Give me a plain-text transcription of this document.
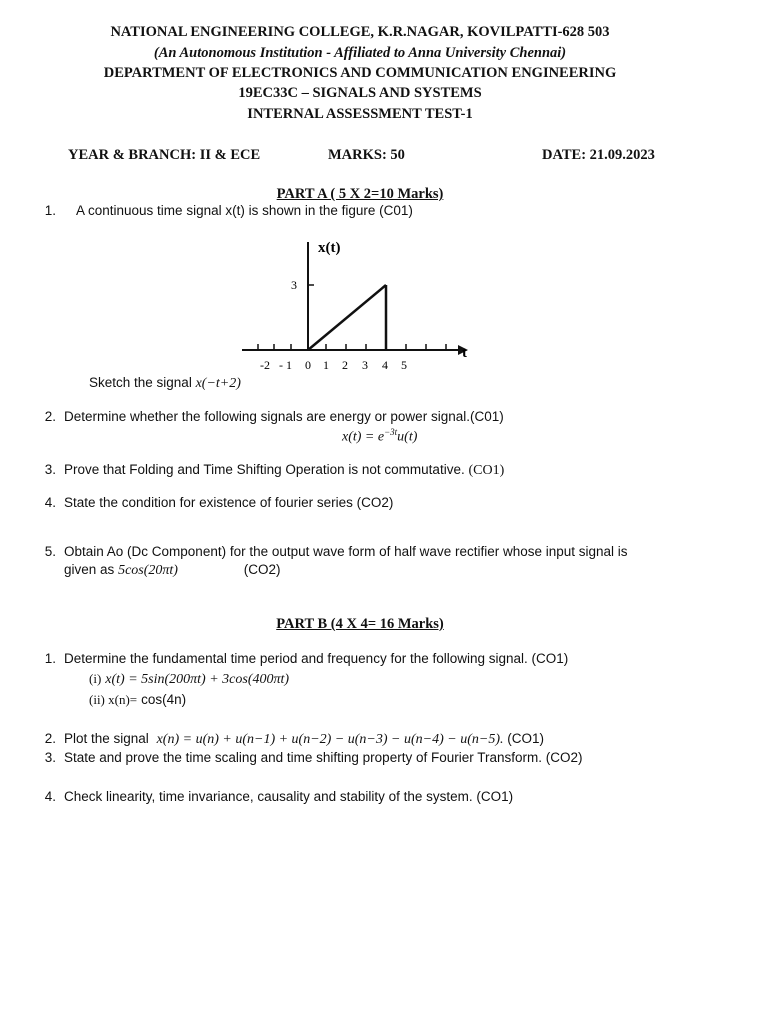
NATIONAL ENGINEERING COLLEGE, K.R.NAGAR, KOVILPATTI-628 503
(An Autonomous Institution - Affiliated to Anna University Chennai)
DEPARTMENT OF ELECTRONICS AND COMMUNICATION ENGINEERING
19EC33C – SIGNALS AND SYSTEMS
INTERNAL ASSESSMENT TEST-1
YEAR & BRANCH: II & ECE	MARKS: 50	DATE: 21.09.2023
PART A ( 5 X 2=10 Marks)
1. A continuous time signal x(t) is shown in the figure (C01)
x(t)
t
3
-2 - 1 0 1 2 3 4 5
Sketch the signal x(−t+2)
2. Determine whether the following signals are energy or power signal.(C01)
$x(t) = e^{-3t}u(t)$
3. Prove that Folding and Time Shifting Operation is not commutative. (CO1)
4. State the condition for existence of fourier series (CO2)
5. Obtain Ao (Dc Component) for the output wave form of half wave rectifier whose input signal is
given as 5cos(20πt)	(CO2)
PART B (4 X 4= 16 Marks)
1. Determine the fundamental time period and frequency for the following signal. (CO1)
(i) x(t) = 5sin(200πt) + 3cos(400πt)
(ii) x(n)= cos(4n)
2. Plot the signal x(n) = u(n) + u(n−1) + u(n−2) − u(n−3) − u(n−4) − u(n−5). (CO1)
3. State and prove the time scaling and time shifting property of Fourier Transform. (CO2)
4. Check linearity, time invariance, causality and stability of the system. (CO1)
